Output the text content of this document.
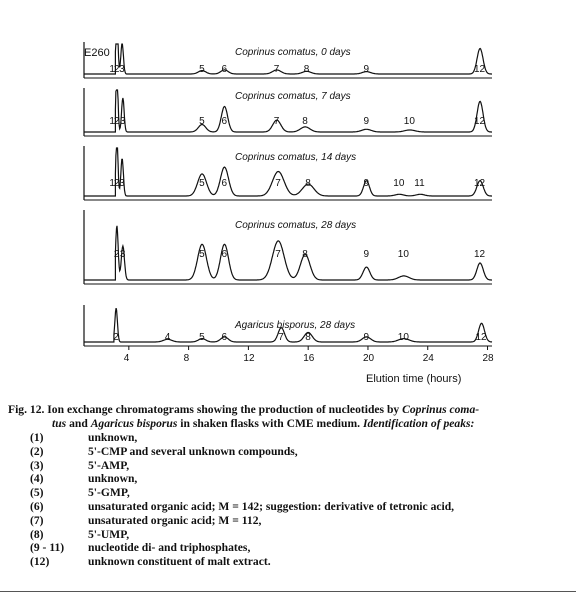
E260	Coprinus comatus, 0 days
1
2 3	5 6	7 8	9	12
Coprinus comatus, 7 days
1
2 3	5 6	7 8	9	10	12
Coprinus comatus, 14 days
1
2 3	5 6	7 8	9 10 11	12
Coprinus comatus, 28 days
2 3	5 6	7 8	9	10	12
Agaricus bisporus, 28 days
2	4	5 6	7 8	9	10	12
4	8	12	16	20	24	28
Elution time (hours)
Fig. 12. Ion exchange chromatograms showing the production of nucleotides by Coprinus coma-
tus and Agaricus bisporus in shaken flasks with CME medium. Identification of peaks:
(1)	unknown,
(2)	5'-CMP and several unknown compounds,
(3)	5'-AMP,
(4)	unknown,
(5)	5'-GMP,
(6)	unsaturated organic acid; M = 142; suggestion: derivative of tetronic acid,
(7)	unsaturated organic acid; M = 112,
(8)	5'-UMP,
(9 - 11)	nucleotide di- and triphosphates,
(12)	unknown constituent of malt extract.
